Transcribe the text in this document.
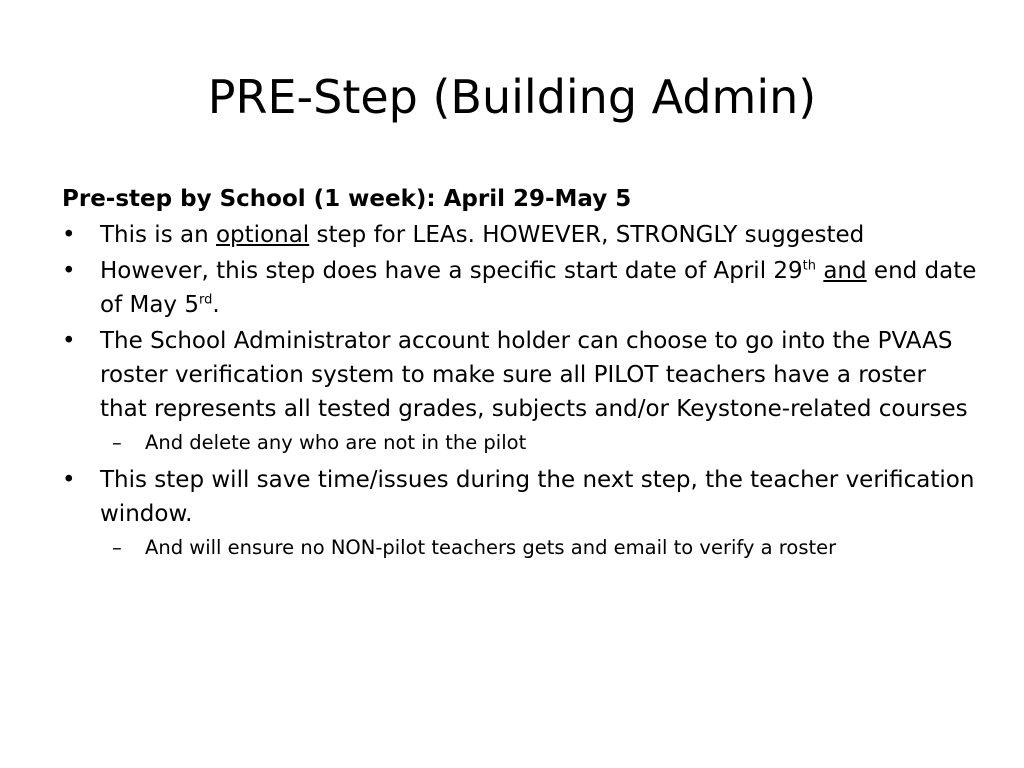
PRE-Step (Building Admin)
Pre-step by School (1 week): April 29-May 5
• This is an optional step for LEAs. HOWEVER, STRONGLY suggested
• However, this step does have a specific start date of April 29th and end date of May 5rd.
• The School Administrator account holder can choose to go into the PVAAS roster verification system to make sure all PILOT teachers have a roster that represents all tested grades, subjects and/or Keystone-related courses
– And delete any who are not in the pilot
• This step will save time/issues during the next step, the teacher verification window.
– And will ensure no NON-pilot teachers gets and email to verify a roster
